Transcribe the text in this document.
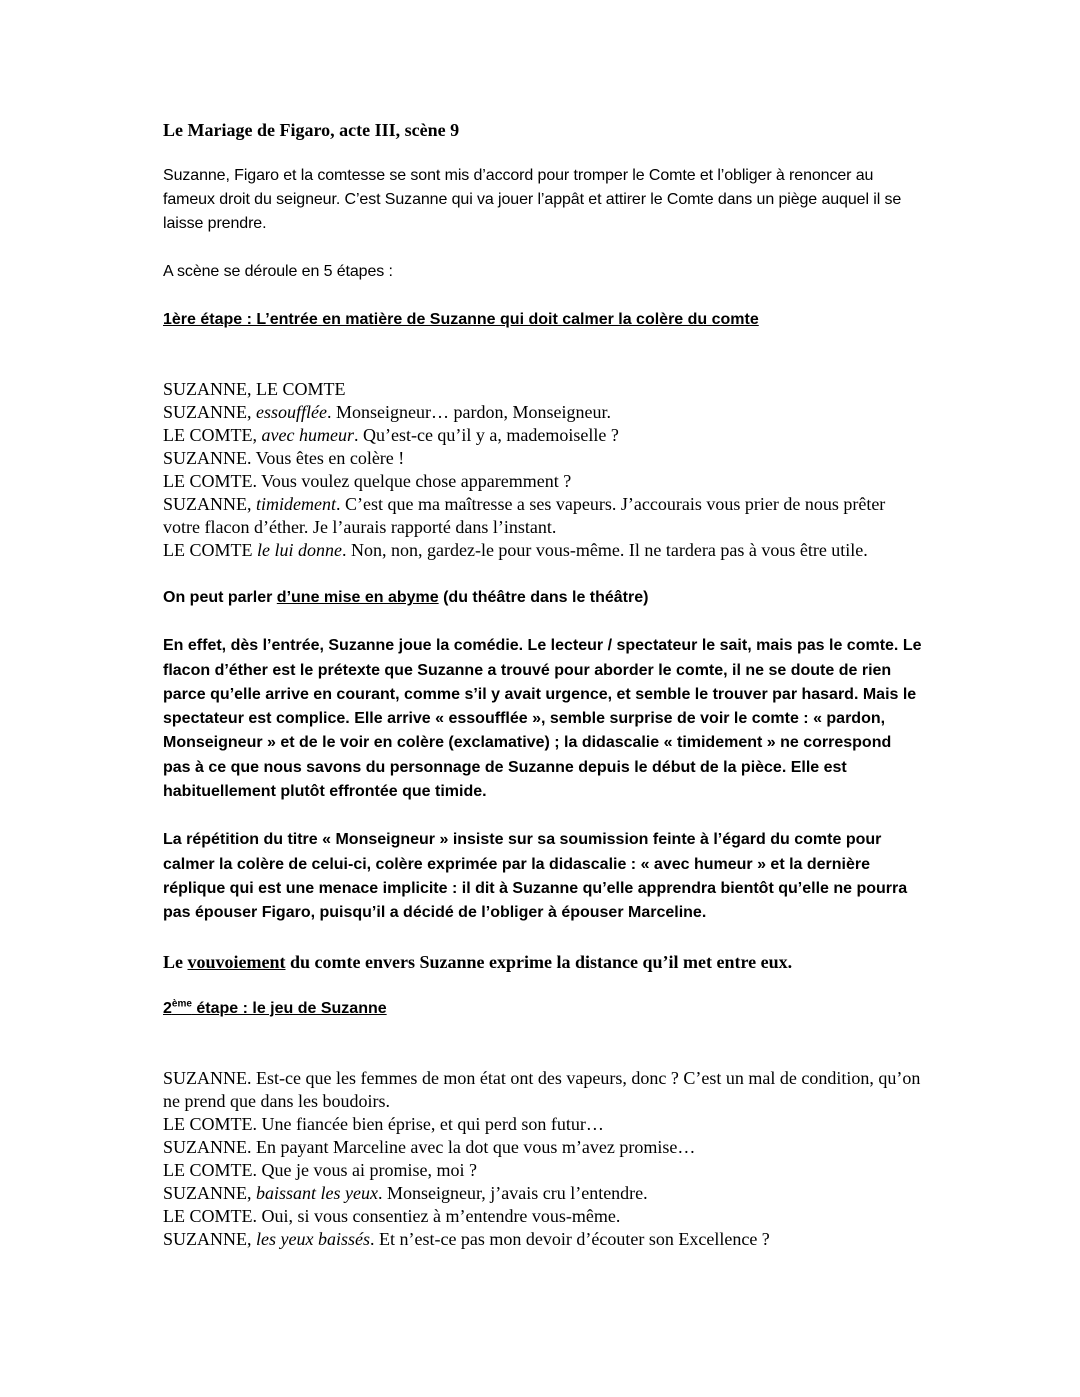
Le Mariage de Figaro, acte III, scène 9

Suzanne, Figaro et la comtesse se sont mis d’accord pour tromper le Comte et l’obliger à renoncer au fameux droit du seigneur. C’est Suzanne qui va jouer l’appât et attirer le Comte dans un piège auquel il se laisse prendre.

A scène se déroule en 5 étapes :

1ère étape : L’entrée en matière de Suzanne qui doit calmer la colère du comte
SUZANNE, LE COMTE
SUZANNE, essoufflée. Monseigneur… pardon, Monseigneur.
LE COMTE, avec humeur. Qu’est-ce qu’il y a, mademoiselle ?
SUZANNE. Vous êtes en colère !
LE COMTE. Vous voulez quelque chose apparemment ?
SUZANNE, timidement. C’est que ma maîtresse a ses vapeurs. J’accourais vous prier de nous prêter votre flacon d’éther. Je l’aurais rapporté dans l’instant.
LE COMTE le lui donne. Non, non, gardez-le pour vous-même. Il ne tardera pas à vous être utile.

On peut parler d’une mise en abyme (du théâtre dans le théâtre)

En effet, dès l’entrée, Suzanne joue la comédie. Le lecteur / spectateur le sait, mais pas le comte. Le flacon d’éther est le prétexte que Suzanne a trouvé pour aborder le comte, il ne se doute de rien parce qu’elle arrive en courant, comme s’il y avait urgence, et semble le trouver par hasard. Mais le spectateur est complice. Elle arrive « essoufflée », semble surprise de voir le comte : « pardon, Monseigneur » et de le voir en colère (exclamative) ; la didascalie « timidement » ne correspond pas à ce que nous savons du personnage de Suzanne depuis le début de la pièce. Elle est habituellement plutôt effrontée que timide.

La répétition du titre « Monseigneur » insiste sur sa soumission feinte à l’égard du comte pour calmer la colère de celui-ci, colère exprimée par la didascalie : « avec humeur » et la dernière réplique qui est une menace implicite : il dit à Suzanne qu’elle apprendra bientôt qu’elle ne pourra pas épouser Figaro, puisqu’il a décidé de l’obliger à épouser Marceline.

Le vouvoiement du comte envers Suzanne exprime la distance qu’il met entre eux.

2ème étape : le jeu de Suzanne
SUZANNE. Est-ce que les femmes de mon état ont des vapeurs, donc ? C’est un mal de condition, qu’on ne prend que dans les boudoirs.
LE COMTE. Une fiancée bien éprise, et qui perd son futur…
SUZANNE. En payant Marceline avec la dot que vous m’avez promise…
LE COMTE. Que je vous ai promise, moi ?
SUZANNE, baissant les yeux. Monseigneur, j’avais cru l’entendre.
LE COMTE. Oui, si vous consentiez à m’entendre vous-même.
SUZANNE, les yeux baissés. Et n’est-ce pas mon devoir d’écouter son Excellence ?
